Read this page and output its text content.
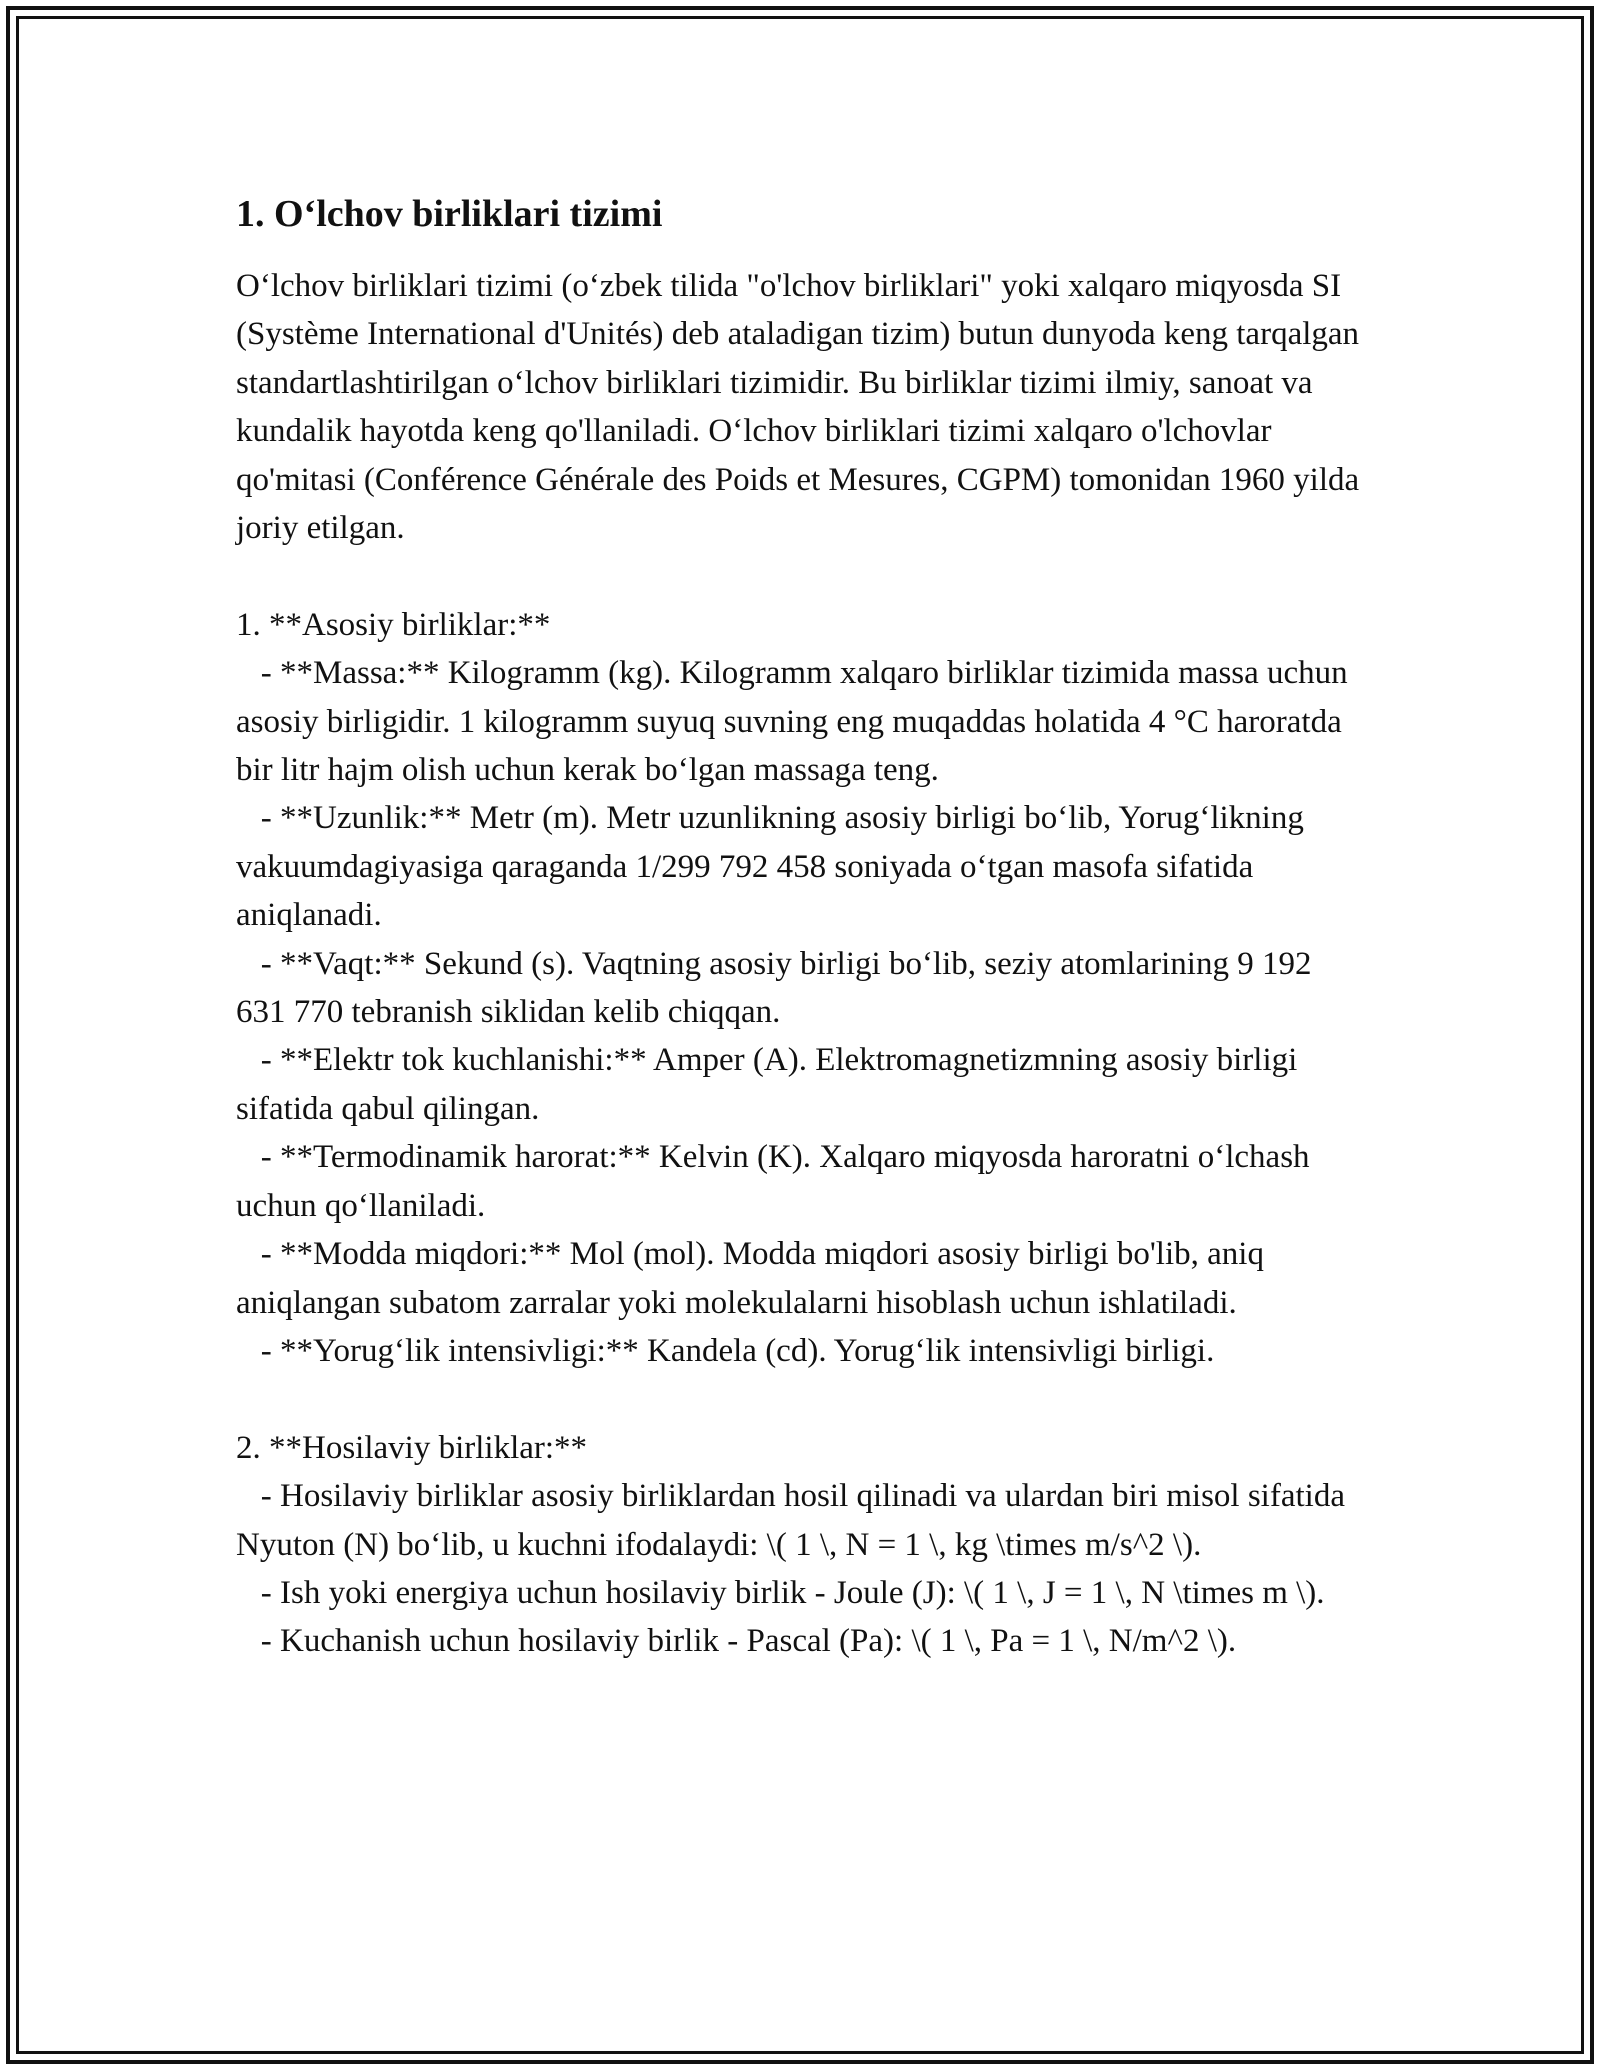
1. Oʻlchov birliklari tizimi

Oʻlchov birliklari tizimi (oʻzbek tilida "o'lchov birliklari" yoki xalqaro miqyosda SI (Système International d'Unités) deb ataladigan tizim) butun dunyoda keng tarqalgan standartlashtirilgan oʻlchov birliklari tizimidir. Bu birliklar tizimi ilmiy, sanoat va kundalik hayotda keng qo'llaniladi. Oʻlchov birliklari tizimi xalqaro o'lchovlar qo'mitasi (Conférence Générale des Poids et Mesures, CGPM) tomonidan 1960 yilda joriy etilgan.

1. **Asosiy birliklar:**

- **Massa:** Kilogramm (kg). Kilogramm xalqaro birliklar tizimida massa uchun asosiy birligidir. 1 kilogramm suyuq suvning eng muqaddas holatida 4 °C haroratda bir litr hajm olish uchun kerak boʻlgan massaga teng.

- **Uzunlik:** Metr (m). Metr uzunlikning asosiy birligi boʻlib, Yorugʻlikning vakuumdagiyasiga qaraganda 1/299 792 458 soniyada oʻtgan masofa sifatida aniqlanadi.

- **Vaqt:** Sekund (s). Vaqtning asosiy birligi boʻlib, seziy atomlarining 9 192 631 770 tebranish siklidan kelib chiqqan.

- **Elektr tok kuchlanishi:** Amper (A). Elektromagnetizmning asosiy birligi sifatida qabul qilingan.

- **Termodinamik harorat:** Kelvin (K). Xalqaro miqyosda haroratni oʻlchash uchun qoʻllaniladi.

- **Modda miqdori:** Mol (mol). Modda miqdori asosiy birligi bo'lib, aniq aniqlangan subatom zarralar yoki molekulalarni hisoblash uchun ishlatiladi.

- **Yorugʻlik intensivligi:** Kandela (cd). Yorugʻlik intensivligi birligi.

2. **Hosilaviy birliklar:**

- Hosilaviy birliklar asosiy birliklardan hosil qilinadi va ulardan biri misol sifatida Nyuton (N) boʻlib, u kuchni ifodalaydi: \( 1 \, N = 1 \, kg \times m/s^2 \).

- Ish yoki energiya uchun hosilaviy birlik - Joule (J): \( 1 \, J = 1 \, N \times m \).

- Kuchanish uchun hosilaviy birlik - Pascal (Pa): \( 1 \, Pa = 1 \, N/m^2 \).
